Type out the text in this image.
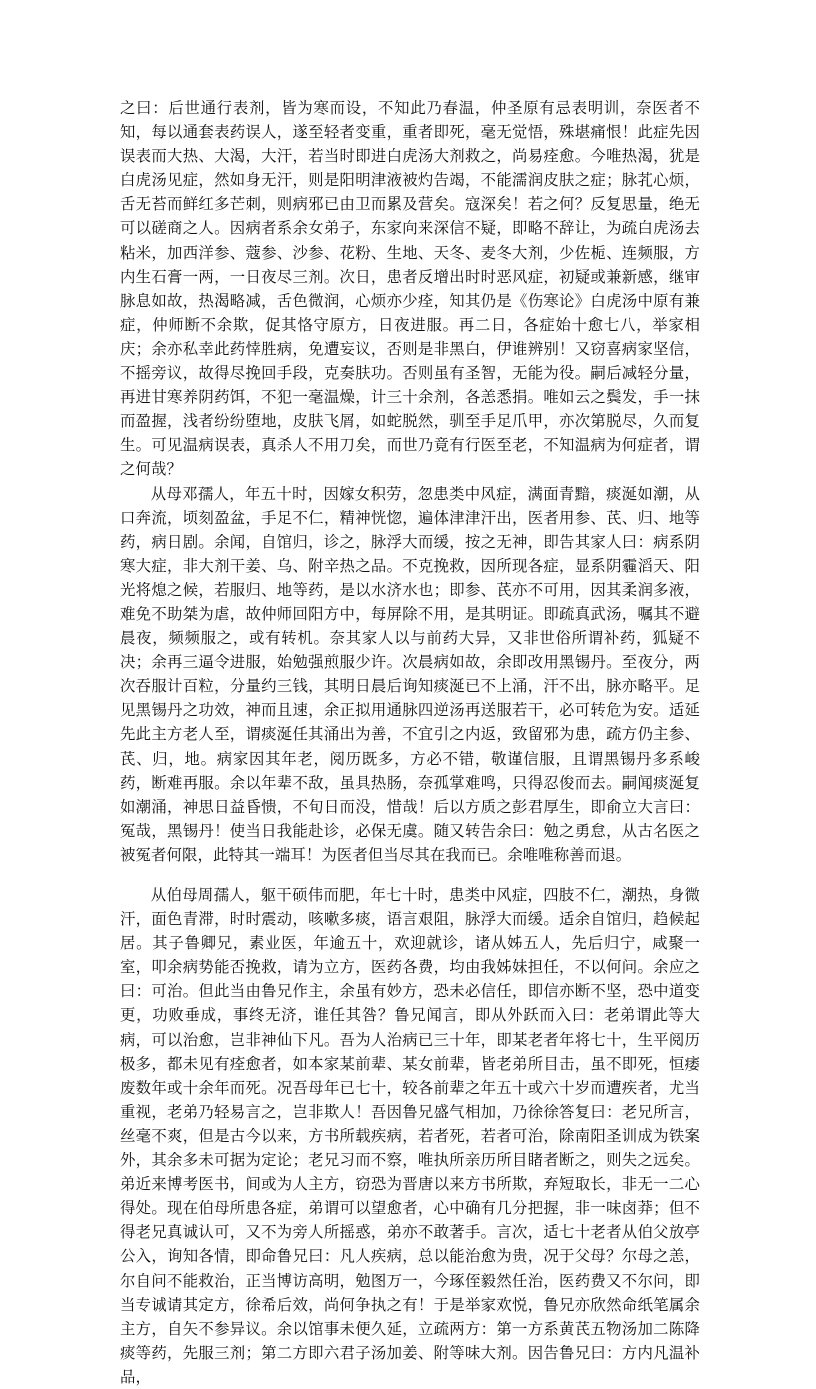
之曰：后世通行表剂，皆为寒而设，不知此乃春温，仲圣原有忌表明训，奈医者不知，每以通套表药误人，遂至轻者变重，重者即死，毫无觉悟，殊堪痛恨！此症先因误表而大热、大渴，大汗，若当时即进白虎汤大剂救之，尚易痊愈。今唯热渴，犹是白虎汤见症，然如身无汗，则是阳明津液被灼告竭，不能濡润皮肤之症；脉芤心烦，舌无苔而鲜红多芒刺，则病邪已由卫而累及营矣。寇深矣！若之何？反复思量，绝无可以磋商之人。因病者系余女弟子，东家向来深信不疑，即略不辞让，为疏白虎汤去粘米，加西洋参、蔻参、沙参、花粉、生地、天冬、麦冬大剂，少佐栀、连频服，方内生石膏一两，一日夜尽三剂。次日，患者反增出时时恶风症，初疑或兼新感，继审脉息如故，热渴略减，舌色微润，心烦亦少痊，知其仍是《伤寒论》白虎汤中原有兼症，仲师断不余欺，促其恪守原方，日夜进服。再二日，各症始十愈七八，举家相庆；余亦私幸此药悻胜病，免遭妄议，否则是非黑白，伊谁辨别！又窃喜病家坚信，不摇旁议，故得尽挽回手段，克奏肤功。否则虽有圣智，无能为役。嗣后减轻分量，再进甘寒养阴药饵，不犯一毫温燥，计三十余剂，各恙悉捐。唯如云之鬓发，手一抹而盈握，浅者纷纷堕地，皮肤飞屑，如蛇脱然，驯至手足爪甲，亦次第脱尽，久而复生。可见温病误表，真杀人不用刀矣，而世乃竟有行医至老，不知温病为何症者，谓之何哉？

从母邓孺人，年五十时，因嫁女积劳，忽患类中风症，满面青黯，痰涎如潮，从口奔流，顷刻盈盆，手足不仁，精神恍惚，遍体津津汗出，医者用参、芪、归、地等药，病日剧。余闻，自馆归，诊之，脉浮大而缓，按之无神，即告其家人曰：病系阴寒大症，非大剂干姜、乌、附辛热之品。不克挽救，因所现各症，显系阴霾滔天、阳光将熄之候，若服归、地等药，是以水济水也；即参、芪亦不可用，因其柔润多液，难免不助桀为虐，故仲师回阳方中，每屏除不用，是其明证。即疏真武汤，嘱其不避晨夜，频频服之，或有转机。奈其家人以与前药大异，又非世俗所谓补药，狐疑不决；余再三逼令进服，始勉强煎服少许。次晨病如故，余即改用黑锡丹。至夜分，两次吞服计百粒，分量约三钱，其明日晨后询知痰涎已不上涌，汗不出，脉亦略平。足见黑锡丹之功效，神而且速，余正拟用通脉四逆汤再送服若干，必可转危为安。适延先此主方老人至，谓痰涎任其涌出为善，不宜引之内返，致留邪为患，疏方仍主参、芪、归，地。病家因其年老，阅历既多，方必不错，敬谨信服，且谓黑锡丹多系峻药，断难再服。余以年辈不敌，虽具热肠，奈孤掌难鸣，只得忍俊而去。嗣闻痰涎复如潮涌，神思日益昏愦，不旬日而没，惜哉！后以方质之彭君厚生，即俞立大言曰：冤哉，黑锡丹！使当日我能赴诊，必保无虞。随又转告余曰：勉之勇怠，从古名医之被冤者何限，此特其一端耳！为医者但当尽其在我而已。余唯唯称善而退。

从伯母周孺人，躯干硕伟而肥，年七十时，患类中风症，四肢不仁，潮热，身微汗，面色青滞，时时震动，咳嗽多痰，语言艰阻，脉浮大而缓。适余自馆归，趋候起居。其子鲁卿兄，素业医，年逾五十，欢迎就诊，诸从姊五人，先后归宁，咸聚一室，叩余病势能否挽救，请为立方，医药各费，均由我姊妹担任，不以何问。余应之曰：可治。但此当由鲁兄作主，余虽有妙方，恐未必信任，即信亦断不坚，恐中道变更，功败垂成，事终无济，谁任其咎？鲁兄闻言，即从外跃而入曰：老弟谓此等大病，可以治愈，岂非神仙下凡。吾为人治病已三十年，即某老者年将七十，生平阅历极多，都未见有痊愈者，如本家某前辈、某女前辈，皆老弟所目击，虽不即死，恒痿废数年或十余年而死。况吾母年已七十，较各前辈之年五十或六十岁而遭疾者，尤当重视，老弟乃轻易言之，岂非欺人！吾因鲁兄盛气相加，乃徐徐答复曰：老兄所言，丝毫不爽，但是古今以来，方书所载疾病，若者死，若者可治，除南阳圣训成为铁案外，其余多未可据为定论；老兄习而不察，唯执所亲历所目睹者断之，则失之远矣。弟近来博考医书，间或为人主方，窃恐为晋唐以来方书所欺，弃短取长，非无一二心得处。现在伯母所患各症，弟谓可以望愈者，心中确有几分把握，非一味卤莽；但不得老兄真诚认可，又不为旁人所摇惑，弟亦不敢著手。言次，适七十老者从伯父放亭公入，询知各情，即命鲁兄曰：凡人疾病，总以能治愈为贵，况于父母？尔母之恙，尔自问不能救治，正当博访高明，勉图万一，今琢侄毅然任治，医药费又不尔问，即当专诚请其定方，徐希后效，尚何争执之有！于是举家欢悦，鲁兄亦欣然命纸笔属余主方，自矢不参异议。余以馆事未便久延，立疏两方：第一方系黄芪五物汤加二陈降痰等药，先服三剂；第二方即六君子汤加姜、附等味大剂。因告鲁兄曰：方内凡温补品，
